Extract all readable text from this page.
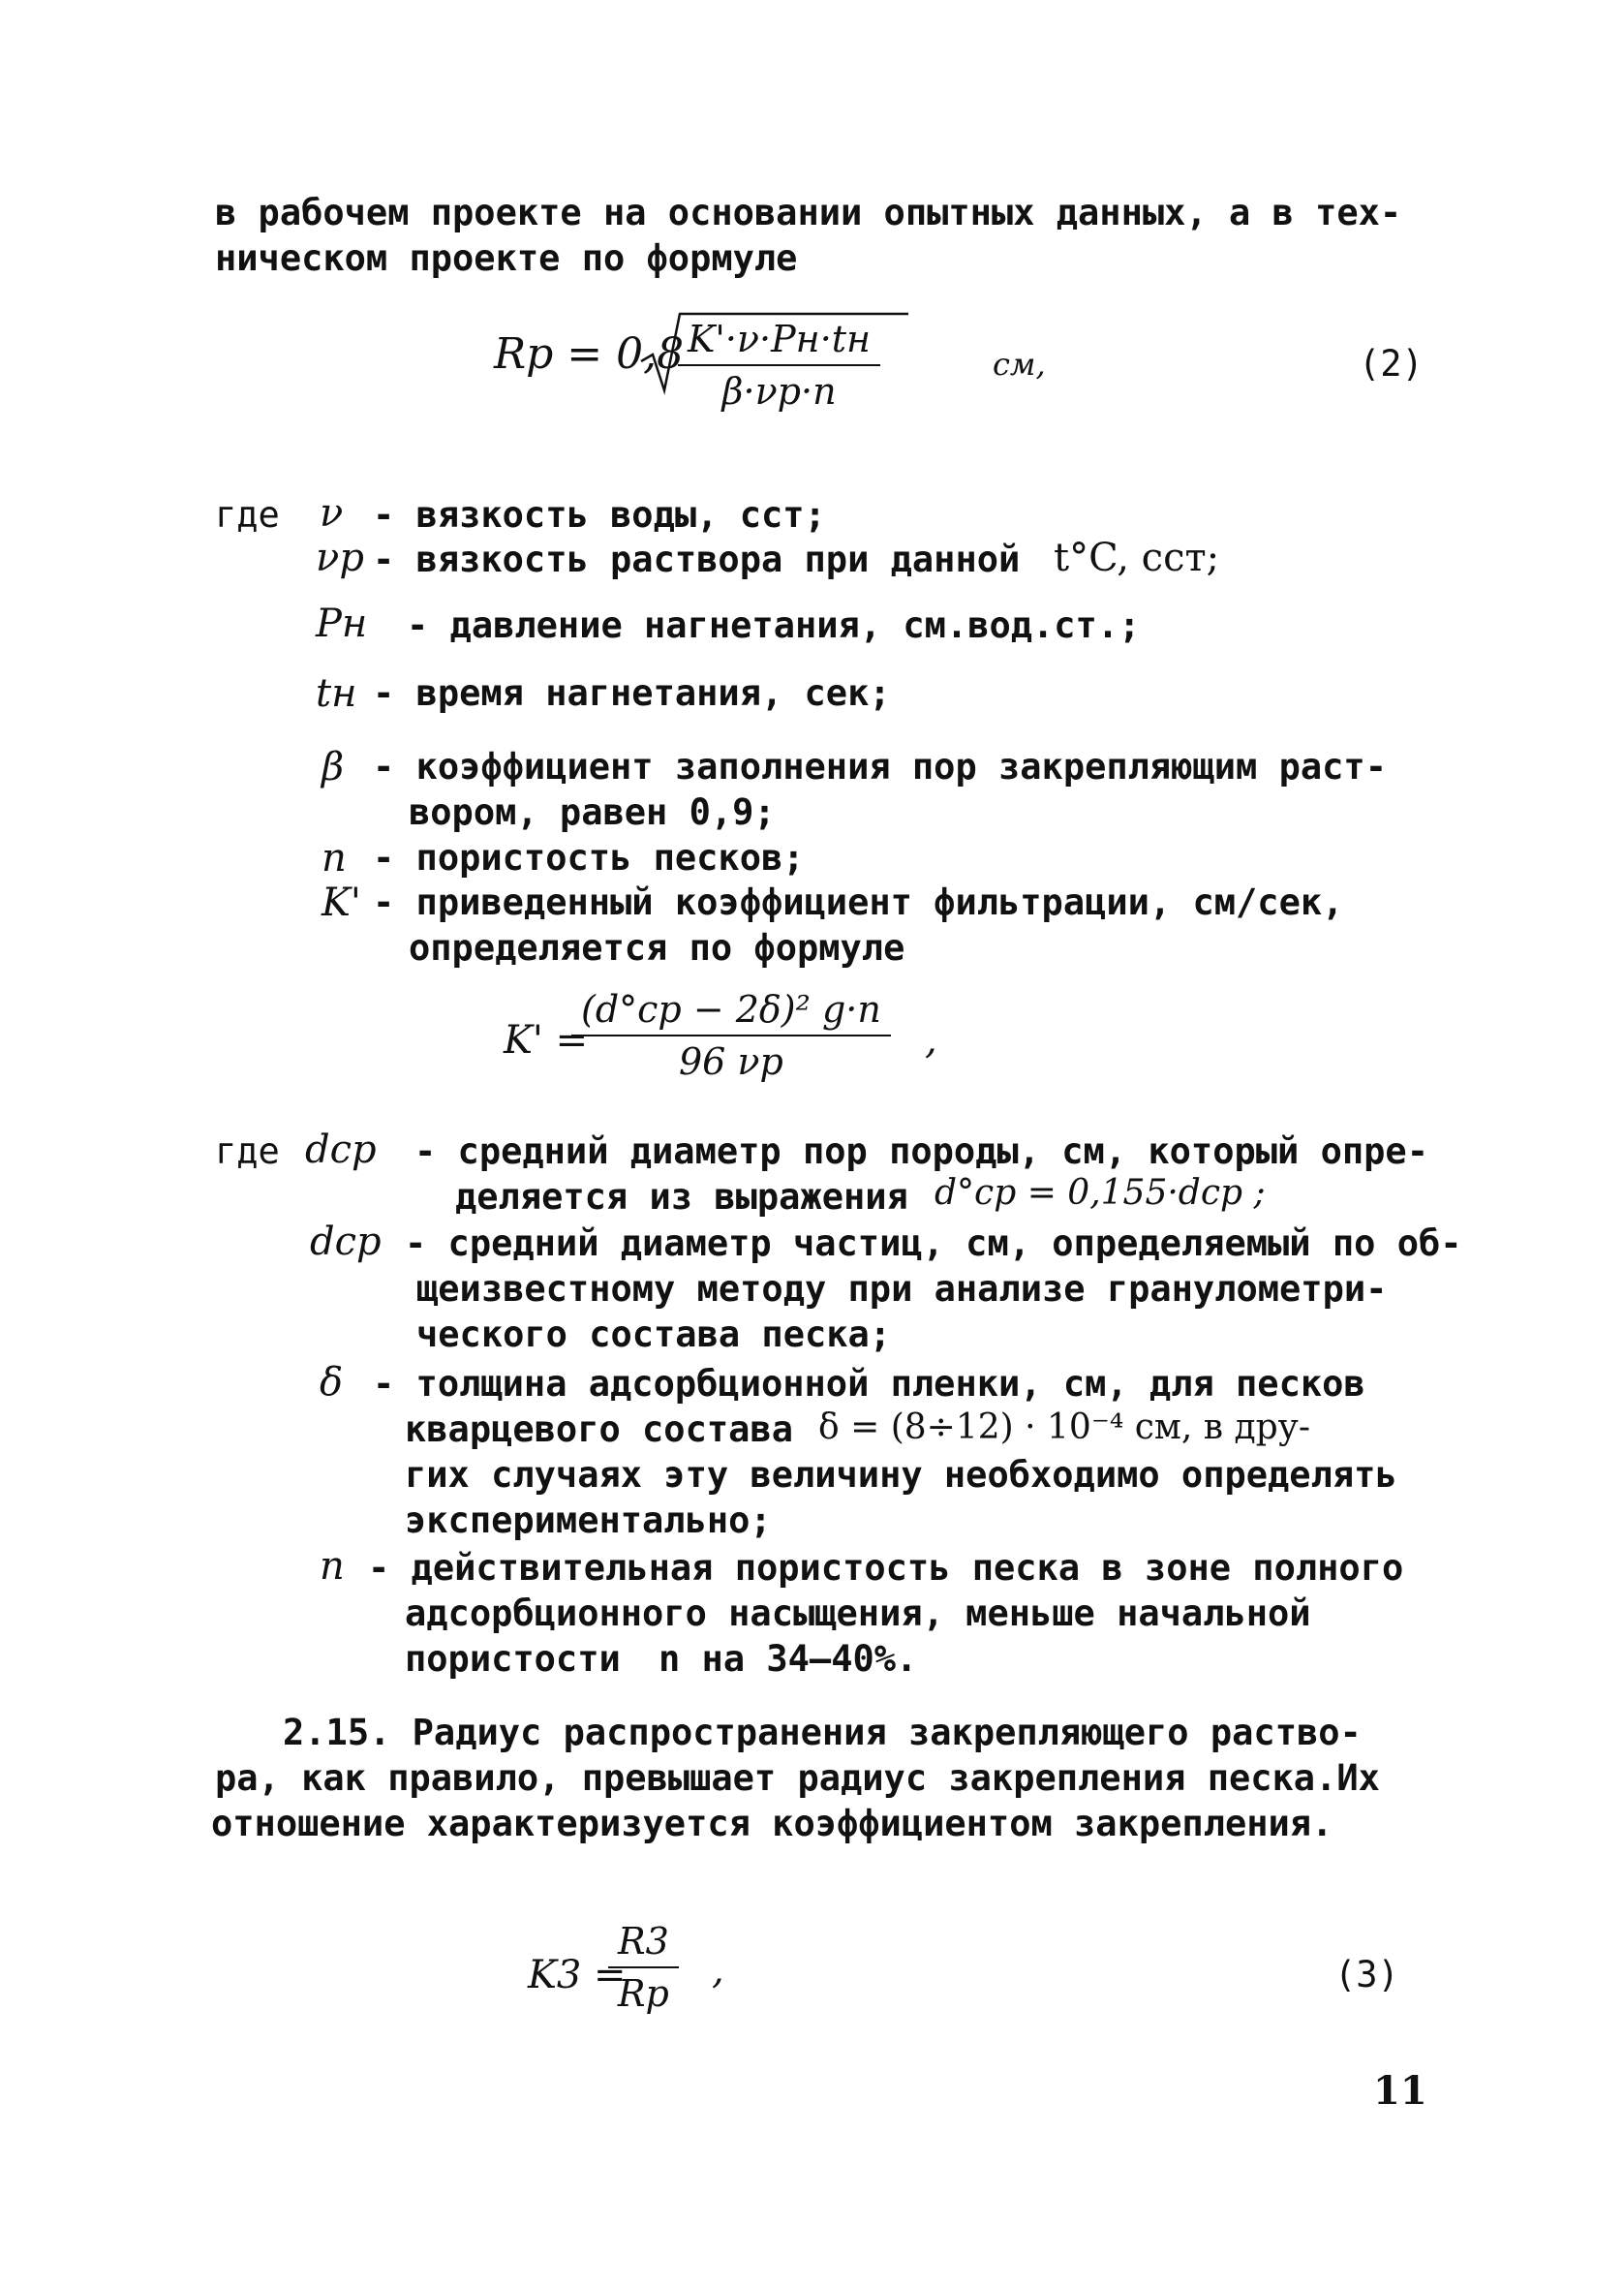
в рабочем проекте на основании опытных данных, а в тех-
ническом проекте по формуле
Rp = 0,8 K'·ν·Pн·tн
β·νp·n
см,	(2)
где ν - вязкость воды, сст;
νp - вязкость раствора при данной t°C, сст;
Pн - давление нагнетания, см.вод.ст.;
tн - время нагнетания, сек;
β - коэффициент заполнения пор закрепляющим раст-
вором, равен 0,9;
n - пористость песков;
K' - приведенный коэффициент фильтрации, см/сек,
определяется по формуле
K' =
$\frac{\text{(d°cp − 2δ)² g·n}}{96 \nu p}$ ,
где dcp - средний диаметр пор породы, см, который опре-
деляется из выражения d°cp = 0,155·dcp ;
dcp - средний диаметр частиц, см, определяемый по об-
щеизвестному методу при анализе гранулометри-
ческого состава песка;
δ - толщина адсорбционной пленки, см, для песков
кварцевого состава δ = (8÷12) · 10⁻⁴ см, в дру-
гих случаях эту величину необходимо определять
экспериментально;
n - действительная пористость песка в зоне полного
адсорбционного насыщения, меньше начальной
пористости n на 34–40%.
2.15. Радиус распространения закрепляющего раство-
ра, как правило, превышает радиус закрепления песка.Их
отношение характеризуется коэффициентом закрепления.
K3 =
$\frac{R3}{Rp}$ ,	(3)
11
